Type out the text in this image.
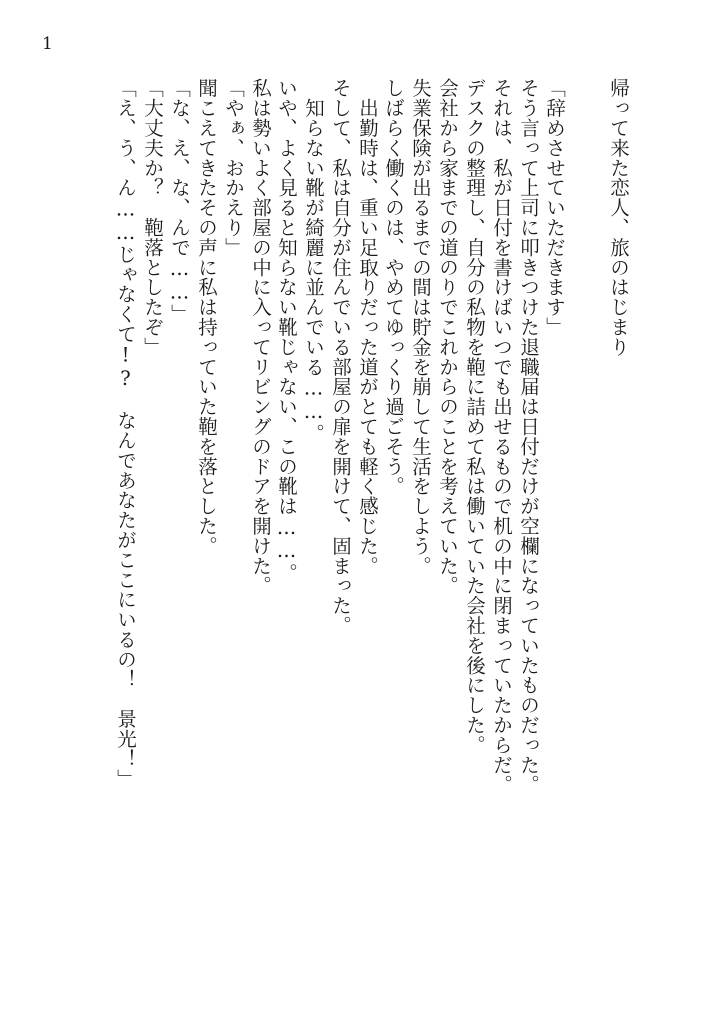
1
帰って来た恋人、旅のはじまり
「辞めさせていただきます」
そう言って上司に叩きつけた退職届は日付だけが空欄になっていたものだった。
それは、私が日付を書けばいつでも出せるもので机の中に閉まっていたからだ。
デスクの整理し、自分の私物を鞄に詰めて私は働いていた会社を後にした。
会社から家までの道のりでこれからのことを考えていた。
失業保険が出るまでの間は貯金を崩して生活をしよう。
しばらく働くのは、やめてゆっくり過ごそう。
　出勤時は、重い足取りだった道がとても軽く感じた。
そして、私は自分が住んでいる部屋の扉を開けて、固まった。
　知らない靴が綺麗に並んでいる……。
いや、よく見ると知らない靴じゃない、この靴は……。
私は勢いよく部屋の中に入ってリビングのドアを開けた。
「やぁ、おかえり」
聞こえてきたその声に私は持っていた鞄を落とした。
「な、え、な、んで……」
「大丈夫か？　鞄落としたぞ」
「え、う、ん……じゃなくて!?　なんであなたがここにいるの！　景光！」
